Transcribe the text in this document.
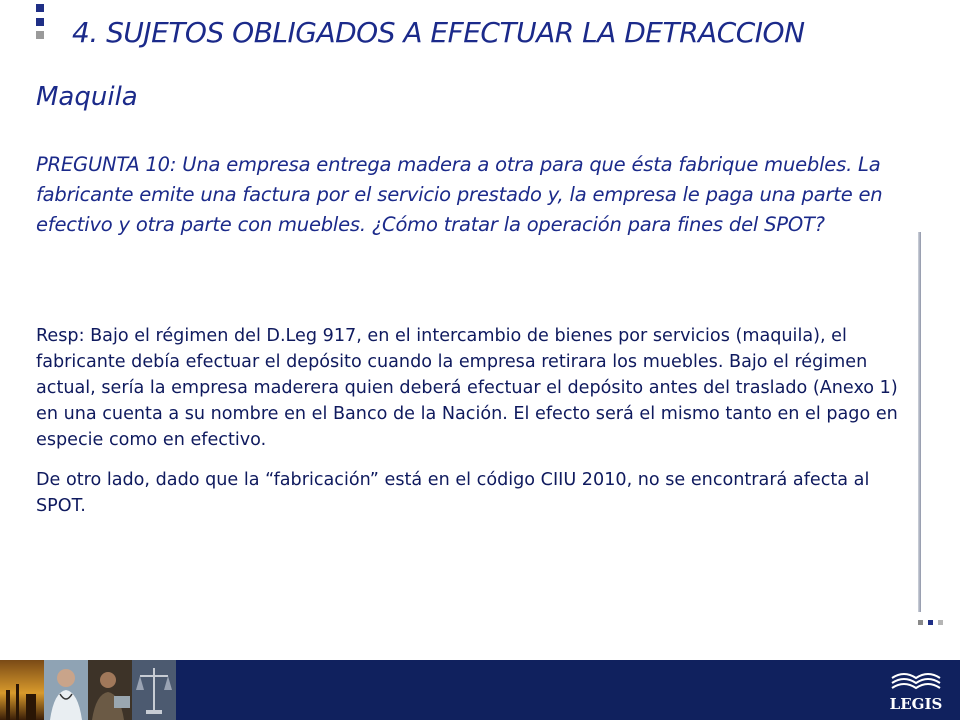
4. SUJETOS OBLIGADOS A EFECTUAR LA DETRACCION
Maquila

PREGUNTA 10: Una empresa entrega madera a otra para que ésta fabrique muebles. La fabricante emite una factura por el servicio prestado y, la empresa le paga una parte en efectivo y otra parte con muebles. ¿Cómo tratar la operación para fines del SPOT?

Resp: Bajo el régimen del D.Leg 917, en el intercambio de bienes por servicios (maquila), el fabricante debía efectuar el depósito cuando la empresa retirara los muebles. Bajo el régimen actual, sería la empresa maderera quien deberá efectuar el depósito antes del traslado (Anexo 1) en una cuenta a su nombre en el Banco de la Nación. El efecto será el mismo tanto en el pago en especie como en efectivo.

De otro lado, dado que la “fabricación” está en el código CIIU 2010, no se encontrará afecta al SPOT.

LEGIS
